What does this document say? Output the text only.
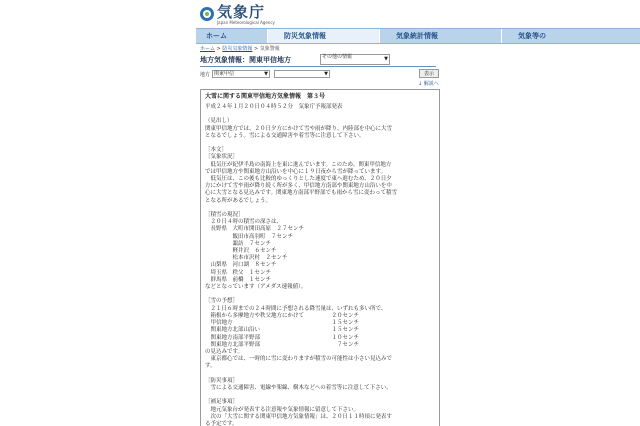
気象庁
Japan Meteorological Agency
ホーム	防災気象情報	気象統計情報	気象等の
ホーム > 防災気象情報 > 気象警報
地方気象情報：関東甲信地方	その他の情報	▼
地方 関東甲信	▼	▼	表示
↓ 解説へ
大雪に関する関東甲信地方気象情報　第３号
平成２４年１月２０日０４時５２分　気象庁予報部発表

（見出し）
関東甲信地方では、２０日夕方にかけて雪や雨が降り、内陸部を中心に大雪
となるでしょう。雪による交通障害や着雪等に注意して下さい。

［本文］
［気象状況］
　低気圧が紀伊半島の南海上を東に進んでいます。このため、関東甲信地方
では甲信地方や関東地方山沿いを中心に１９日夜から雪が降っています。
　低気圧は、この後も比較的ゆっくりとした速度で東へ進むため、２０日夕
方にかけて雪や雨が降り続く所が多く、甲信地方南部や関東地方山沿いを中
心に大雪となる見込みです。関東地方南部平野部でも雨から雪に変わって積雪
となる所があるでしょう。

［積雪の現況］
　２０日４時の積雪の深さは、
　長野県　大町市開田高原　２７センチ
　　　　　飯田市高羽町　７センチ
　　　　　諏訪　７センチ
　　　　　軽井沢　６センチ
　　　　　松本市沢村　２センチ
　山梨県　河口湖　８センチ
　埼玉県　秩父　１センチ
　群馬県　前橋　１センチ
などとなっています（アメダス速報値）。

［雪の予想］
　２１日６時までの２４時間に予想される降雪量は、いずれも多い所で、
　箱根から多摩地方や秩父地方にかけて　　　　　２０センチ
　甲信地方　　　　　　　　　　　　　　　　　　１５センチ
　関東地方北部山沿い　　　　　　　　　　　　　１５センチ
　関東地方南部平野部　　　　　　　　　　　　　１０センチ
　関東地方北部平野部　　　　　　　　　　　　　　７センチ
の見込みです。
　東京都心では、一時的に雪に変わりますが積雪の可能性は小さい見込みで
す。

［防災事項］
　雪による交通障害、電線や架線、樹木などへの着雪等に注意して下さい。

［補足事項］
　地元気象台が発表する注意報や気象情報に留意して下さい。
　次の「大雪に関する関東甲信地方気象情報」は、２０日１１時頃に発表す
る予定です。
